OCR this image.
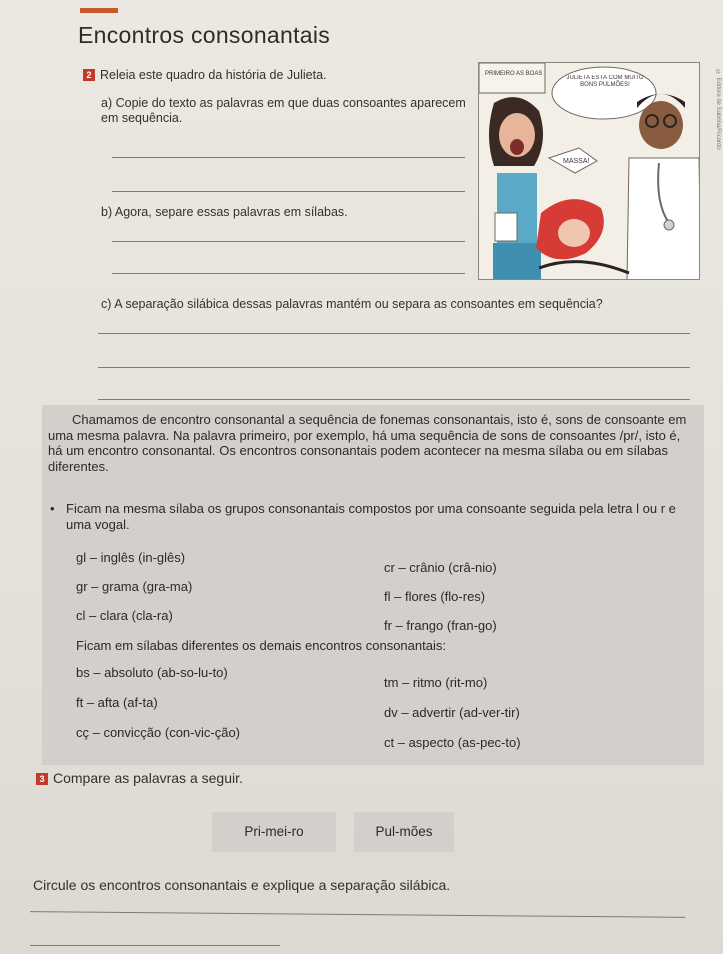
Encontros consonantais
2 Releia este quadro da história de Julieta.
a) Copie do texto as palavras em que duas consoantes aparecem em sequência.
b) Agora, separe essas palavras em sílabas.
PRIMEIRO AS BOAS
JULIETA ESTÁ COM MUITO BONS PULMÕES!
MASSA!
© Editora de Sabrina/Ricardo
c) A separação silábica dessas palavras mantém ou separa as consoantes em sequência?

Chamamos de encontro consonantal a sequência de fonemas consonantais, isto é, sons de consoante em uma mesma palavra. Na palavra primeiro, por exemplo, há uma sequência de sons de consoantes /pr/, isto é, há um encontro consonantal. Os encontros consonantais podem acontecer na mesma sílaba ou em sílabas diferentes.

• Ficam na mesma sílaba os grupos consonantais compostos por uma consoante seguida pela letra l ou r e uma vogal.

gl – inglês (in-glês)
cr – crânio (crâ-nio)
gr – grama (gra-ma)
fl – flores (flo-res)
cl – clara (cla-ra)
fr – frango (fran-go)

Ficam em sílabas diferentes os demais encontros consonantais:

bs – absoluto (ab-so-lu-to)
tm – ritmo (rit-mo)
ft – afta (af-ta)
dv – advertir (ad-ver-tir)
cç – convicção (con-vic-ção)
ct – aspecto (as-pec-to)
3 Compare as palavras a seguir.
Pri-mei-ro	Pul-mões
Circule os encontros consonantais e explique a separação silábica.
